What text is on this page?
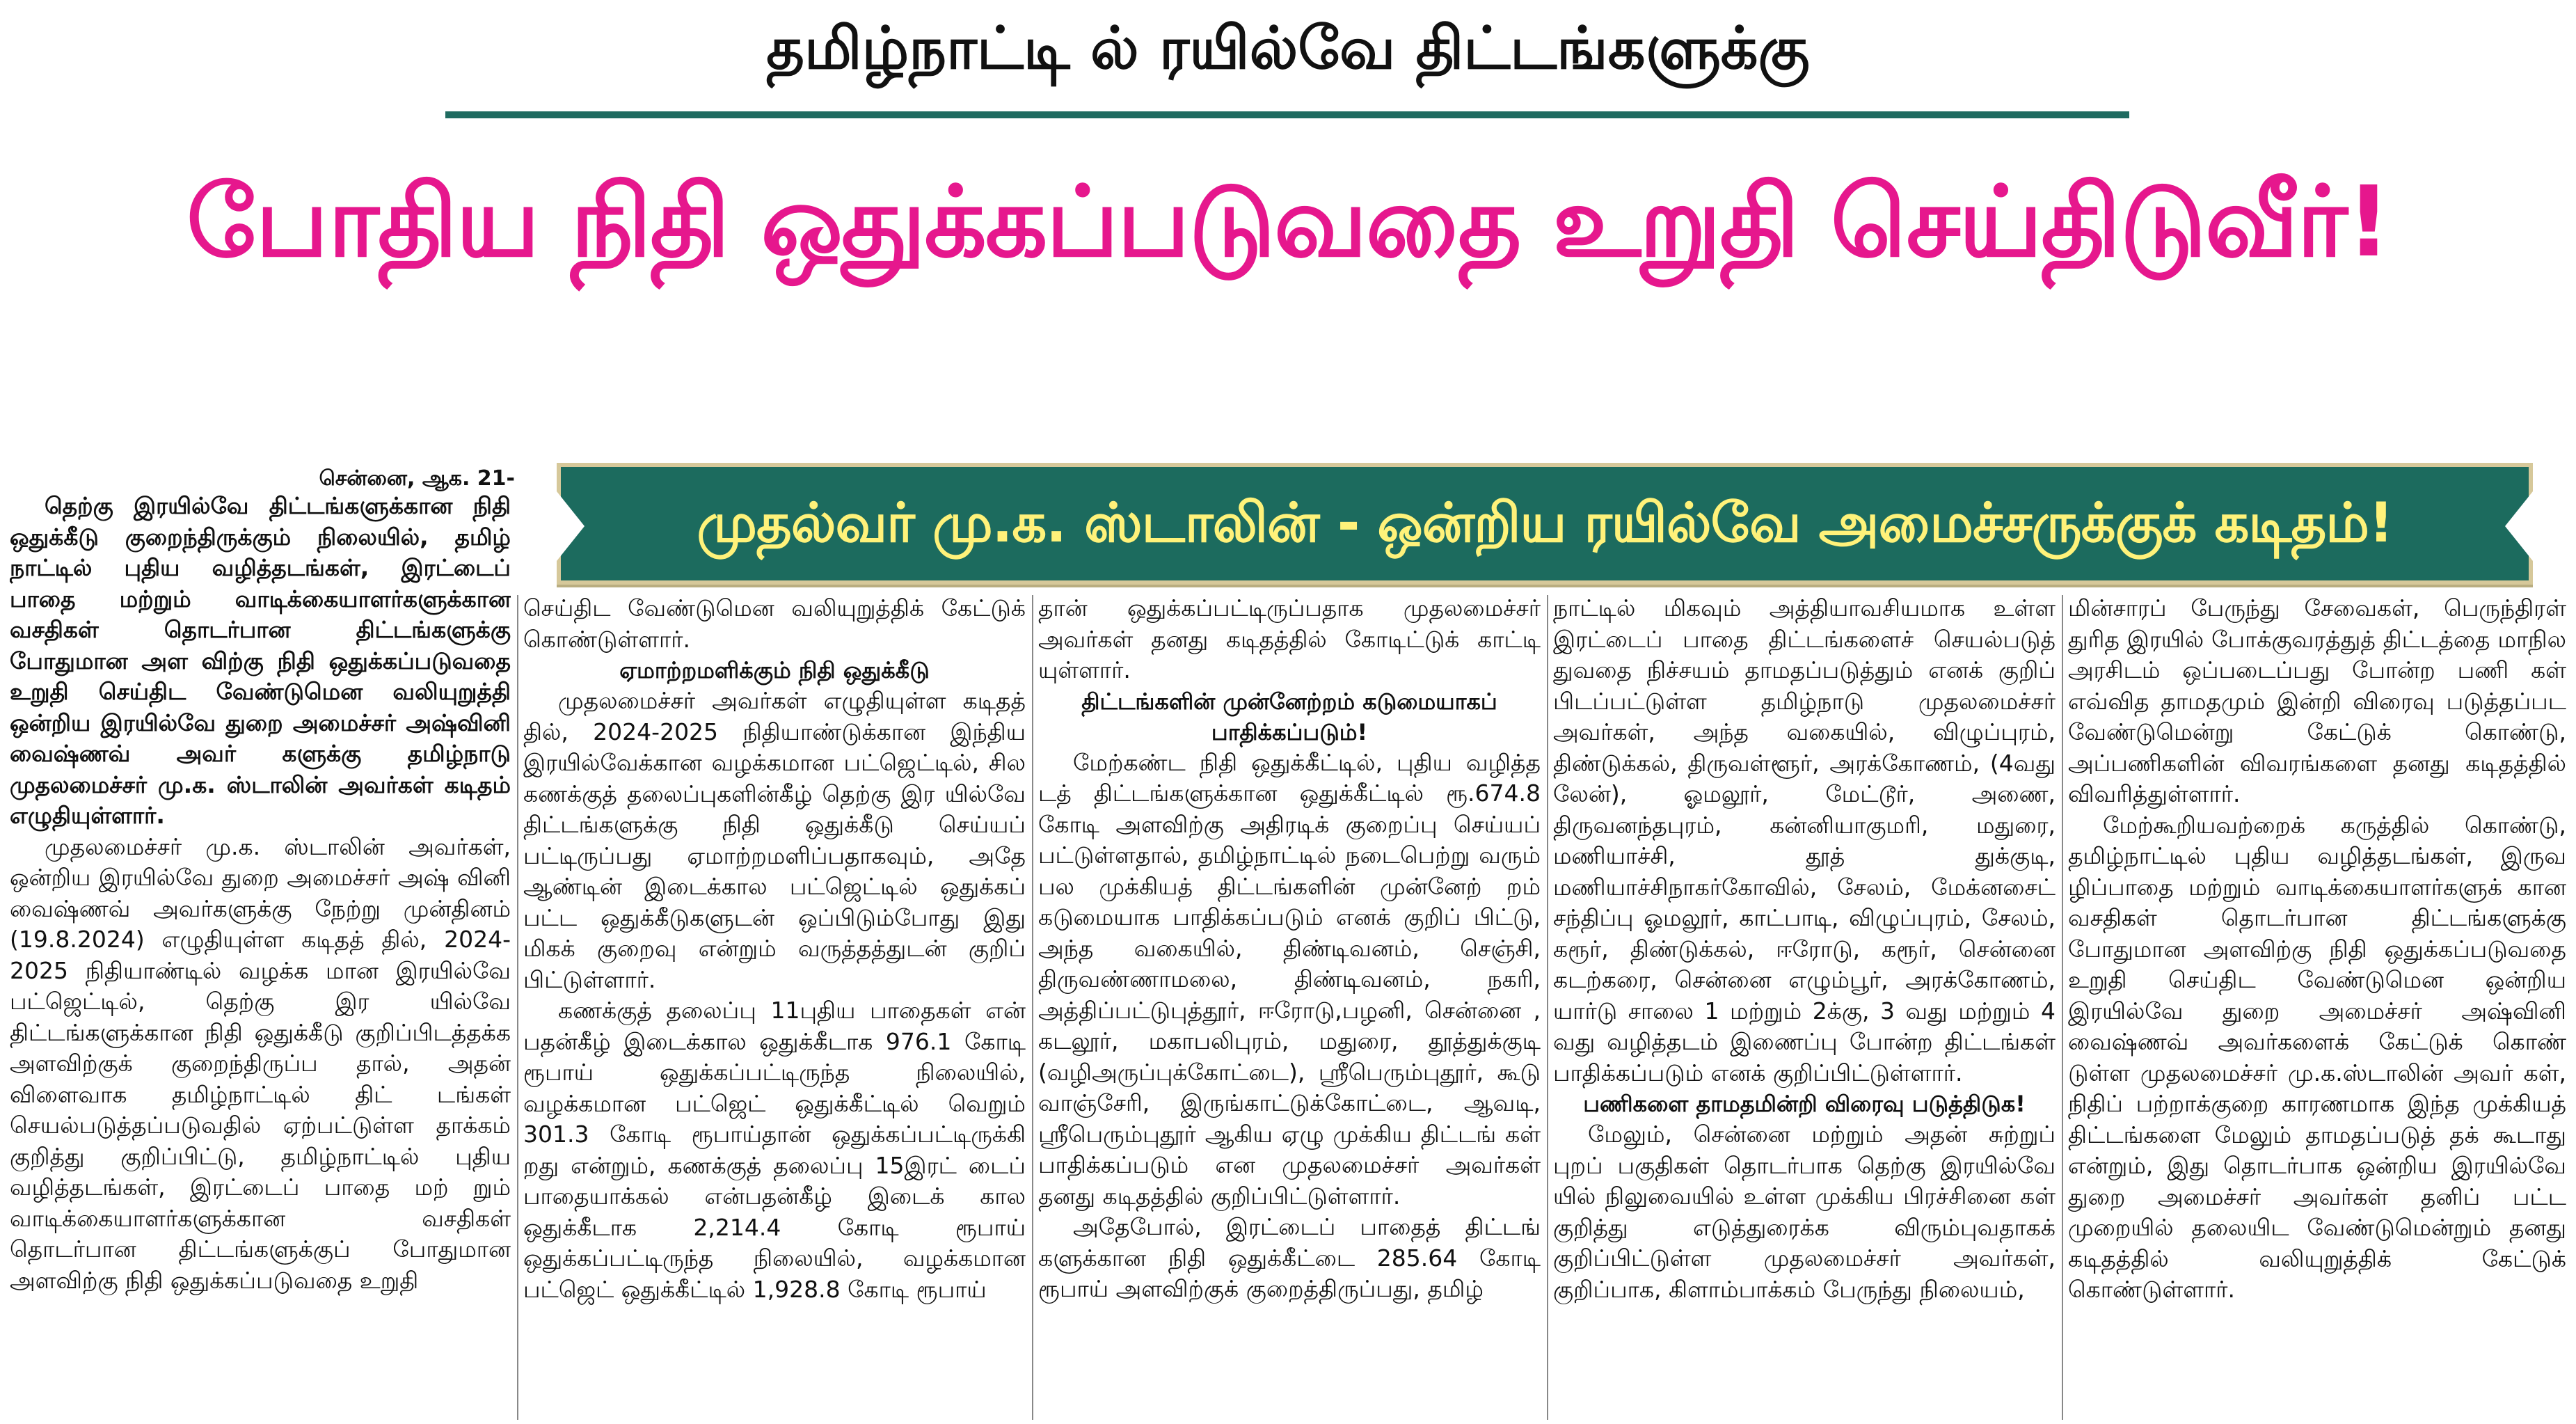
தமிழ்நாட்டி ல் ரயில்வே திட்டங்களுக்கு
போதிய நிதி ஒதுக்கப்படுவதை உறுதி செய்திடுவீர்!
சென்னை, ஆக. 21-
முதல்வர் மு.க. ஸ்டாலின் - ஒன்றிய ரயில்வே அமைச்சருக்குக் கடிதம்!

தெற்கு இரயில்வே திட்டங்களுக்கான நிதி ஒதுக்கீடு குறைந்திருக்கும் நிலையில், தமிழ் நாட்டில் புதிய வழித்தடங்கள், இரட்டைப் பாதை மற்றும் வாடிக்கையாளர்களுக்கான வசதிகள் தொடர்பான திட்டங்களுக்கு போதுமான அள விற்கு நிதி ஒதுக்கப்படுவதை உறுதி செய்திட வேண்டுமென வலியுறுத்தி ஒன்றிய இரயில்வே துறை அமைச்சர் அஷ்வினி வைஷ்ணவ் அவர் களுக்கு தமிழ்நாடு முதலமைச்சர் மு.க. ஸ்டாலின் அவர்கள் கடிதம் எழுதியுள்ளார்.

முதலமைச்சர் மு.க. ஸ்டாலின் அவர்கள், ஒன்றிய இரயில்வே துறை அமைச்சர் அஷ் வினி வைஷ்ணவ் அவர்களுக்கு நேற்று முன்தினம் (19.8.2024) எழுதியுள்ள கடிதத் தில், 2024-2025 நிதியாண்டில் வழக்க மான இரயில்வே பட்ஜெட்டில், தெற்கு இர யில்வே திட்டங்களுக்கான நிதி ஒதுக்கீடு குறிப்பிடத்தக்க அளவிற்குக் குறைந்திருப்ப தால், அதன் விளைவாக தமிழ்நாட்டில் திட் டங்கள் செயல்படுத்தப்படுவதில் ஏற்பட்டுள்ள தாக்கம் குறித்து குறிப்பிட்டு, தமிழ்நாட்டில் புதிய வழித்தடங்கள், இரட்டைப் பாதை மற் றும் வாடிக்கையாளர்களுக்கான வசதிகள் தொடர்பான திட்டங்களுக்குப் போதுமான அளவிற்கு நிதி ஒதுக்கப்படுவதை உறுதி

செய்திட வேண்டுமென வலியுறுத்திக் கேட்டுக் கொண்டுள்ளார்.

ஏமாற்றமளிக்கும் நிதி ஒதுக்கீடு

முதலமைச்சர் அவர்கள் எழுதியுள்ள கடிதத் தில், 2024-2025 நிதியாண்டுக்கான இந்திய இரயில்வேக்கான வழக்கமான பட்ஜெட்டில், சில கணக்குத் தலைப்புகளின்கீழ் தெற்கு இர யில்வே திட்டங்களுக்கு நிதி ஒதுக்கீடு செய்யப் பட்டிருப்பது ஏமாற்றமளிப்பதாகவும், அதே ஆண்டின் இடைக்கால பட்ஜெட்டில் ஒதுக்கப் பட்ட ஒதுக்கீடுகளுடன் ஒப்பிடும்போது இது மிகக் குறைவு என்றும் வருத்தத்துடன் குறிப் பிட்டுள்ளார்.

கணக்குத் தலைப்பு 11புதிய பாதைகள் என் பதன்கீழ் இடைக்கால ஒதுக்கீடாக 976.1 கோடி ரூபாய் ஒதுக்கப்பட்டிருந்த நிலையில், வழக்கமான பட்ஜெட் ஒதுக்கீட்டில் வெறும் 301.3 கோடி ரூபாய்தான் ஒதுக்கப்பட்டிருக்கி றது என்றும், கணக்குத் தலைப்பு 15இரட் டைப் பாதையாக்கல் என்பதன்கீழ் இடைக் கால ஒதுக்கீடாக 2,214.4 கோடி ரூபாய் ஒதுக்கப்பட்டிருந்த நிலையில், வழக்கமான பட்ஜெட் ஒதுக்கீட்டில் 1,928.8 கோடி ரூபாய்

தான் ஒதுக்கப்பட்டிருப்பதாக முதலமைச்சர் அவர்கள் தனது கடிதத்தில் கோடிட்டுக் காட்டி யுள்ளார்.

திட்டங்களின் முன்னேற்றம் கடுமையாகப் பாதிக்கப்படும்!

மேற்கண்ட நிதி ஒதுக்கீட்டில், புதிய வழித்த டத் திட்டங்களுக்கான ஒதுக்கீட்டில் ரூ.674.8 கோடி அளவிற்கு அதிரடிக் குறைப்பு செய்யப் பட்டுள்ளதால், தமிழ்நாட்டில் நடைபெற்று வரும் பல முக்கியத் திட்டங்களின் முன்னேற் றம் கடுமையாக பாதிக்கப்படும் எனக் குறிப் பிட்டு, அந்த வகையில், திண்டிவனம், செஞ்சி, திருவண்ணாமலை, திண்டிவனம், நகரி, அத்திப்பட்டுபுத்தூர், ஈரோடு,பழனி, சென்னை , கடலூர், மகாபலிபுரம், மதுரை, தூத்துக்குடி (வழிஅருப்புக்கோட்டை), ஸ்ரீபெரும்புதூர், கூடு வாஞ்சேரி, இருங்காட்டுக்கோட்டை, ஆவடி, ஸ்ரீபெரும்புதூர் ஆகிய ஏழு முக்கிய திட்டங் கள் பாதிக்கப்படும் என முதலமைச்சர் அவர்கள் தனது கடிதத்தில் குறிப்பிட்டுள்ளார்.

அதேபோல், இரட்டைப் பாதைத் திட்டங் களுக்கான நிதி ஒதுக்கீட்டை 285.64 கோடி ரூபாய் அளவிற்குக் குறைத்திருப்பது, தமிழ்

நாட்டில் மிகவும் அத்தியாவசியமாக உள்ள இரட்டைப் பாதை திட்டங்களைச் செயல்படுத் துவதை நிச்சயம் தாமதப்படுத்தும் எனக் குறிப் பிடப்பட்டுள்ள தமிழ்நாடு முதலமைச்சர் அவர்கள், அந்த வகையில், விழுப்புரம், திண்டுக்கல், திருவள்ளூர், அரக்கோணம், (4வது லேன்), ஓமலூர், மேட்டூர், அணை, திருவனந்தபுரம், கன்னியாகுமரி, மதுரை, மணியாச்சி, தூத் துக்குடி, மணியாச்சிநாகர்கோவில், சேலம், மேக்னசைட் சந்திப்பு ஓமலூர், காட்பாடி, விழுப்புரம், சேலம், கரூர், திண்டுக்கல், ஈரோடு, கரூர், சென்னை கடற்கரை, சென்னை எழும்பூர், அரக்கோணம், யார்டு சாலை 1 மற்றும் 2க்கு, 3 வது மற்றும் 4 வது வழித்தடம் இணைப்பு போன்ற திட்டங்கள் பாதிக்கப்படும் எனக் குறிப்பிட்டுள்ளார்.

பணிகளை தாமதமின்றி விரைவு படுத்திடுக!

மேலும், சென்னை மற்றும் அதன் சுற்றுப் புறப் பகுதிகள் தொடர்பாக தெற்கு இரயில்வே யில் நிலுவையில் உள்ள முக்கிய பிரச்சினை கள் குறித்து எடுத்துரைக்க விரும்புவதாகக் குறிப்பிட்டுள்ள முதலமைச்சர் அவர்கள், குறிப்பாக, கிளாம்பாக்கம் பேருந்து நிலையம்,

மின்சாரப் பேருந்து சேவைகள், பெருந்திரள் துரித இரயில் போக்குவரத்துத் திட்டத்தை மாநில அரசிடம் ஒப்படைப்பது போன்ற பணி கள் எவ்வித தாமதமும் இன்றி விரைவு படுத்தப்பட வேண்டுமென்று கேட்டுக் கொண்டு, அப்பணிகளின் விவரங்களை தனது கடிதத்தில் விவரித்துள்ளார்.

மேற்கூறியவற்றைக் கருத்தில் கொண்டு, தமிழ்நாட்டில் புதிய வழித்தடங்கள், இருவ ழிப்பாதை மற்றும் வாடிக்கையாளர்களுக் கான வசதிகள் தொடர்பான திட்டங்களுக்கு போதுமான அளவிற்கு நிதி ஒதுக்கப்படுவதை உறுதி செய்திட வேண்டுமென ஒன்றிய இரயில்வே துறை அமைச்சர் அஷ்வினி வைஷ்ணவ் அவர்களைக் கேட்டுக் கொண் டுள்ள முதலமைச்சர் மு.க.ஸ்டாலின் அவர் கள், நிதிப் பற்றாக்குறை காரணமாக இந்த முக்கியத் திட்டங்களை மேலும் தாமதப்படுத் தக் கூடாது என்றும், இது தொடர்பாக ஒன்றிய இரயில்வே துறை அமைச்சர் அவர்கள் தனிப் பட்ட முறையில் தலையிட வேண்டுமென்றும் தனது கடிதத்தில் வலியுறுத்திக் கேட்டுக் கொண்டுள்ளார்.
